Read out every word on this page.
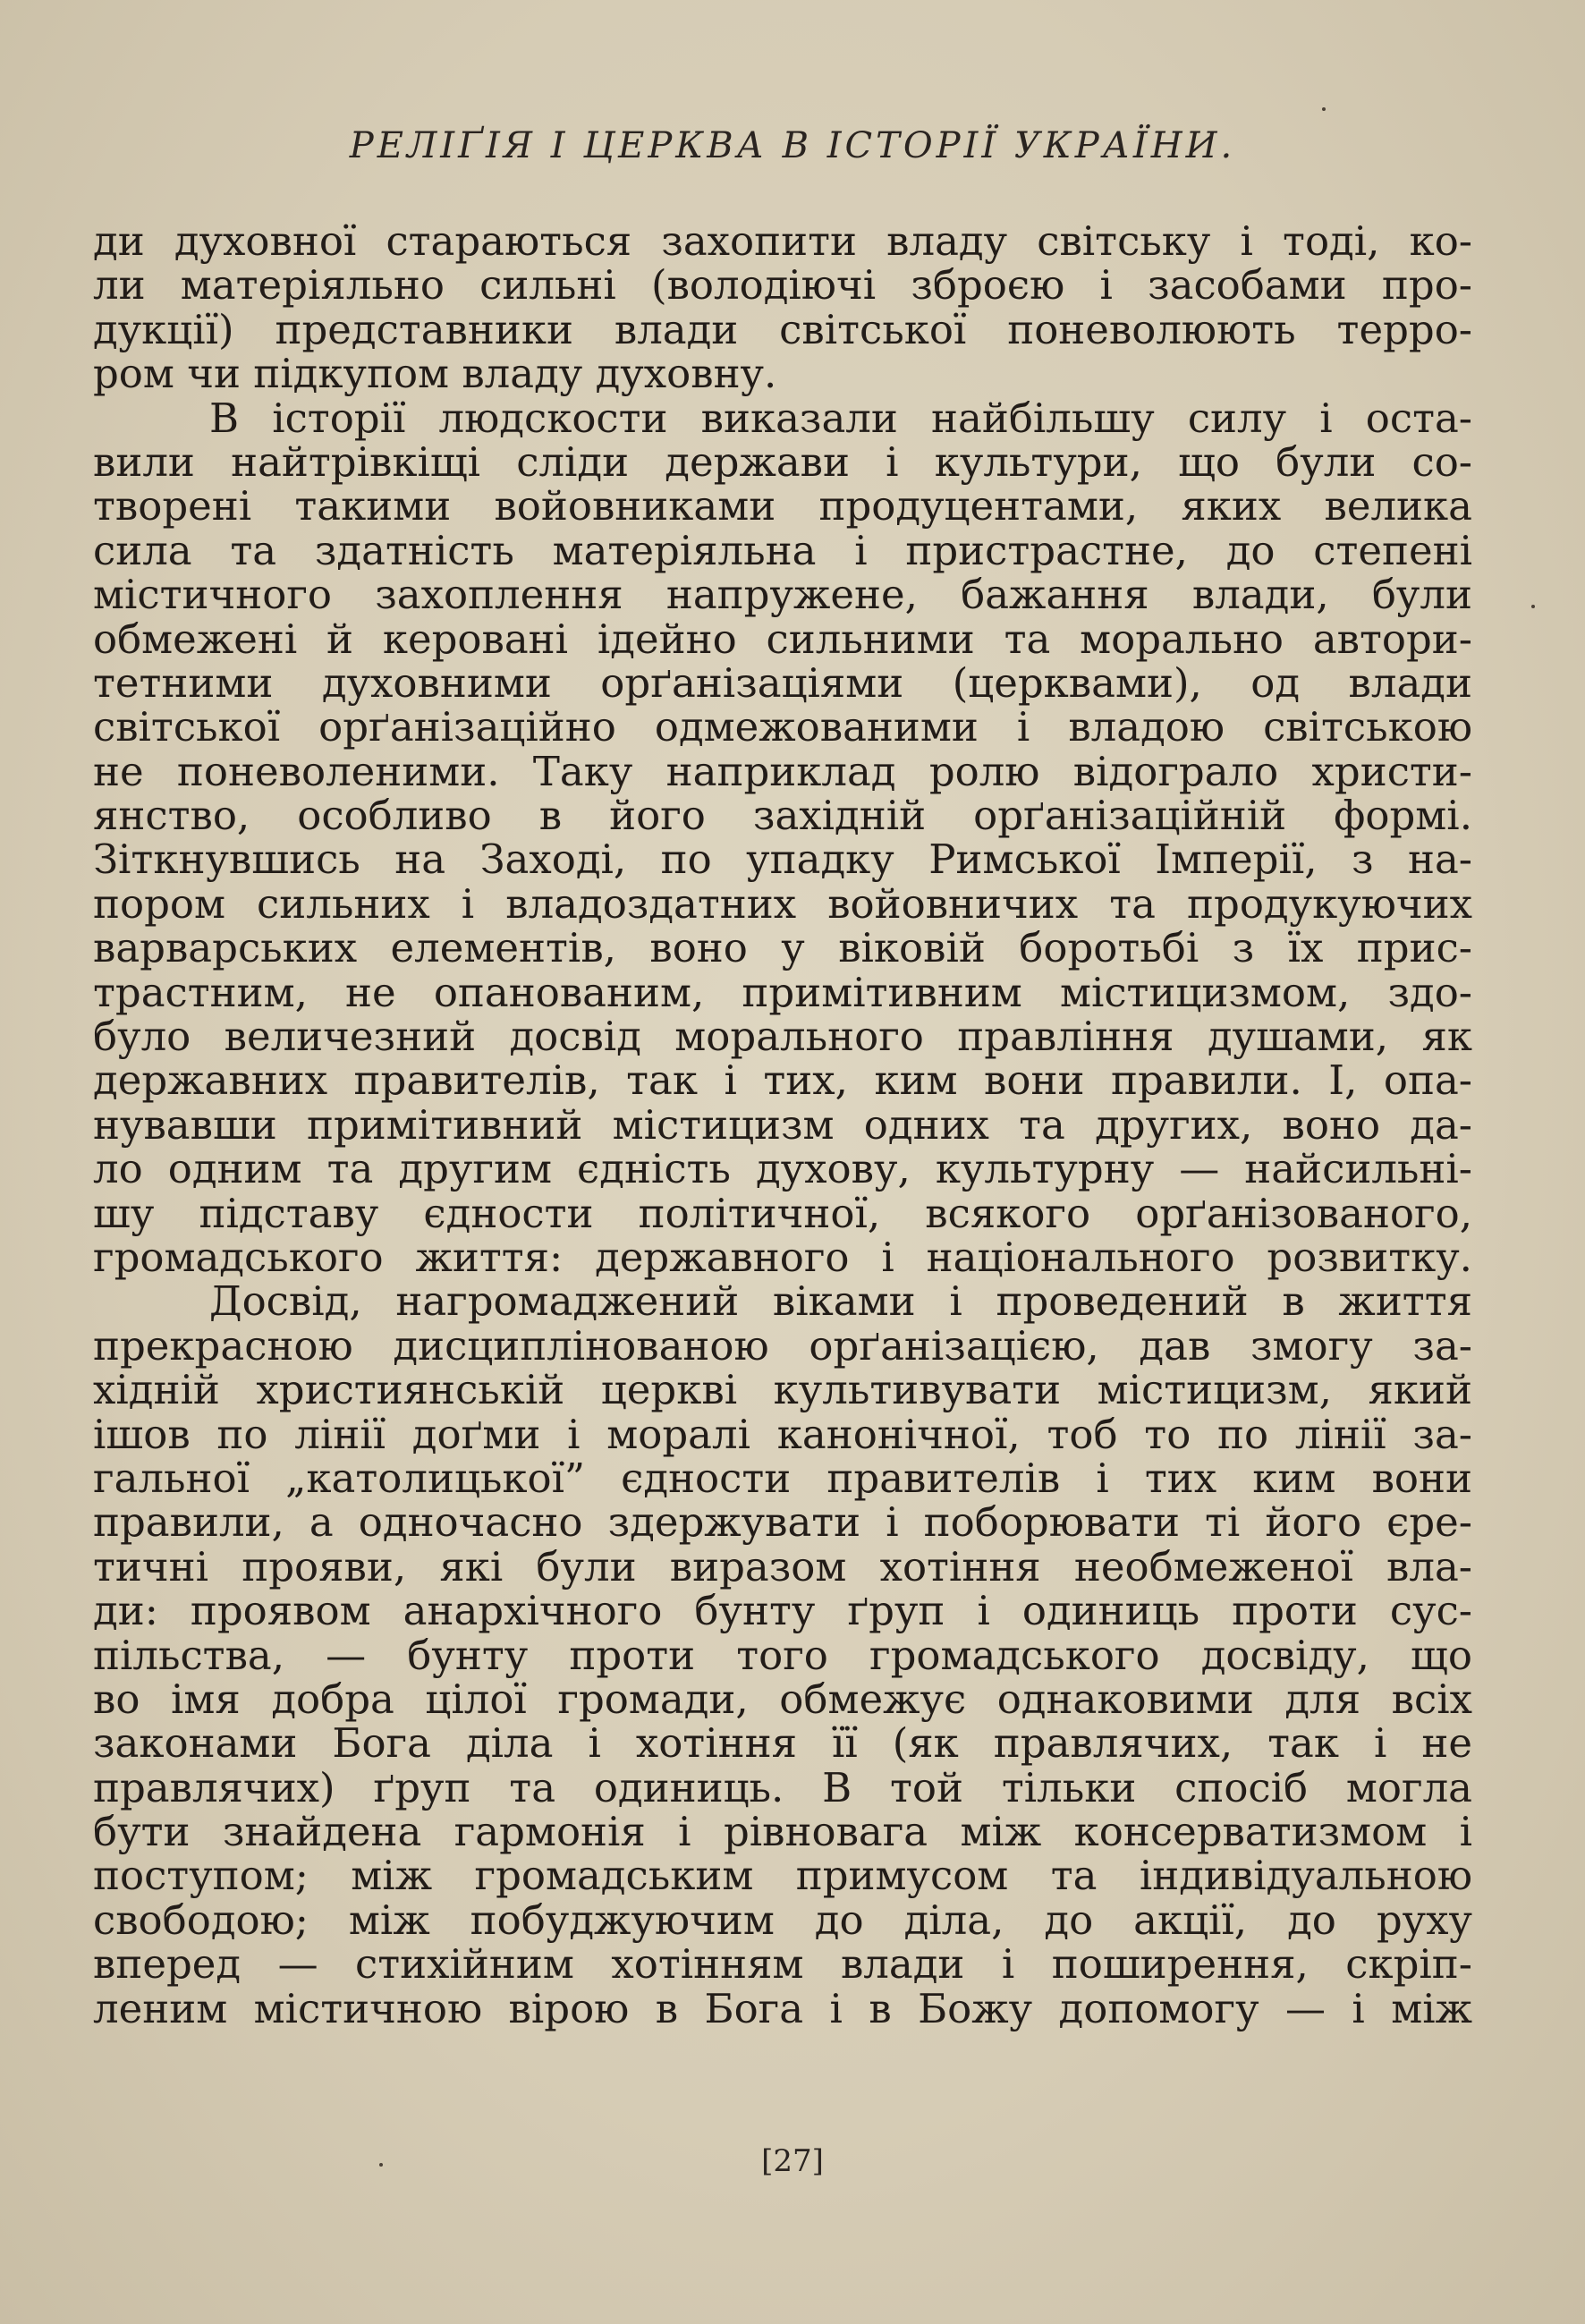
РЕЛІҐІЯ І ЦЕРКВА В ІСТОРІЇ УКРАЇНИ.
ди духовної стараються захопити владу світську і тоді, ко-
ли матеріяльно сильні (володіючі зброєю і засобами про-
дукції) представники влади світської поневолюють терро-
ром чи підкупом владу духовну.
В історії людскости виказали найбільшу силу і оста-
вили найтрівкіщі сліди держави і культури, що були со-
творені такими войовниками продуцентами, яких велика
сила та здатність матеріяльна і пристрастне, до степені
містичного захоплення напружене, бажання влади, були
обмежені й керовані ідейно сильними та морально автори-
тетними духовними орґанізаціями (церквами), од влади
світської орґанізаційно одмежованими і владою світською
не поневоленими. Таку наприклад ролю відограло христи-
янство, особливо в його західній орґанізаційній формі.
Зіткнувшись на Заході, по упадку Римської Імперії, з на-
пором сильних і владоздатних войовничих та продукуючих
варварських елементів, воно у віковій боротьбі з їх прис-
трастним, не опанованим, примітивним містицизмом, здо-
було величезний досвід морального правління душами, як
державних правителів, так і тих, ким вони правили. І, опа-
нувавши примітивний містицизм одних та других, воно да-
ло одним та другим єдність духову, культурну — найсильні-
шу підставу єдности політичної, всякого орґанізованого,
громадського життя: державного і національного розвитку.
Досвід, нагромаджений віками і проведений в життя
прекрасною дисциплінованою орґанізацією, дав змогу за-
хідній християнській церкві культивувати містицизм, який
ішов по лінії доґми і моралі канонічної, тоб то по лінії за-
гальної „католицької” єдности правителів і тих ким вони
правили, а одночасно здержувати і поборювати ті його єре-
тичні прояви, які були виразом хотіння необмеженої вла-
ди: проявом анархічного бунту ґруп і одиниць проти сус-
пільства, — бунту проти того громадського досвіду, що
во імя добра цілої громади, обмежує однаковими для всіх
законами Бога діла і хотіння її (як правлячих, так і не
правлячих) ґруп та одиниць. В той тільки спосіб могла
бути знайдена гармонія і рівновага між консерватизмом і
поступом; між громадським примусом та індивідуальною
свободою; між побуджуючим до діла, до акції, до руху
вперед — стихійним хотінням влади і поширення, скріп-
леним містичною вірою в Бога і в Божу допомогу — і між
[27]
